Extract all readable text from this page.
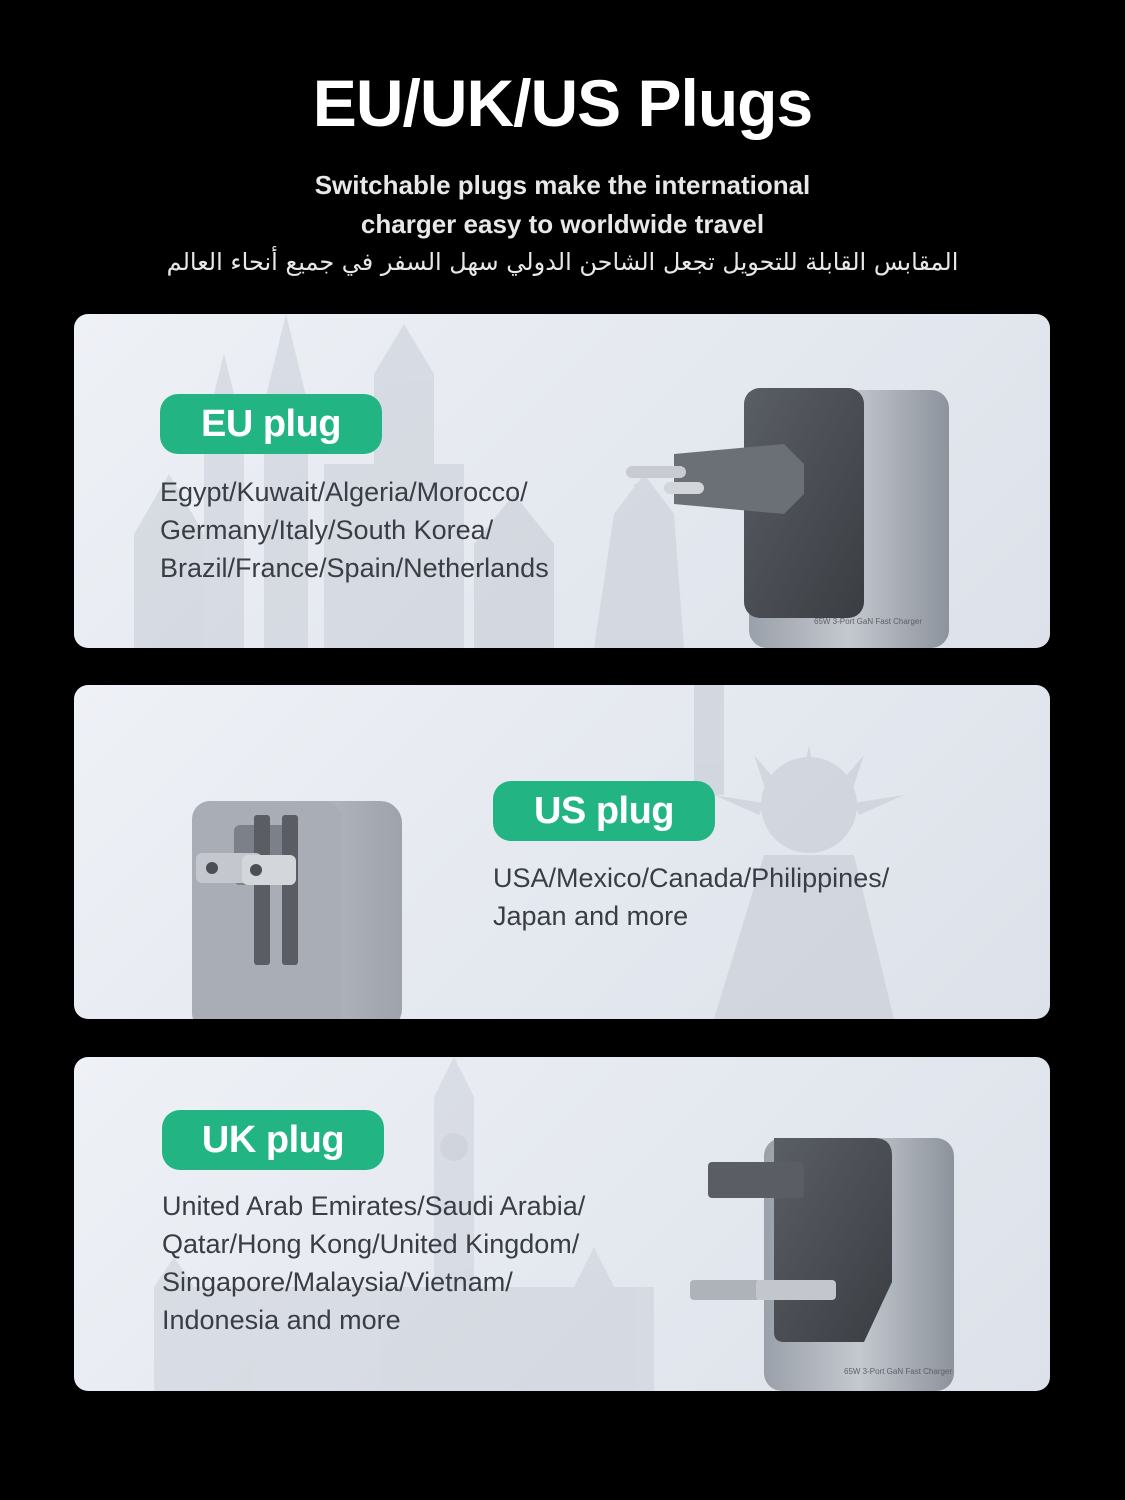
EU/UK/US Plugs
Switchable plugs make the international
charger easy to worldwide travel
المقابس القابلة للتحويل تجعل الشاحن الدولي سهل السفر في جميع أنحاء العالم
EU plug
Egypt/Kuwait/Algeria/Morocco/
Germany/Italy/South Korea/
Brazil/France/Spain/Netherlands
65W 3-Port GaN Fast Charger
US plug
USA/Mexico/Canada/Philippines/
Japan and more
UK plug
United Arab Emirates/Saudi Arabia/
Qatar/Hong Kong/United Kingdom/
Singapore/Malaysia/Vietnam/
Indonesia and more
65W 3-Port GaN Fast Charger
